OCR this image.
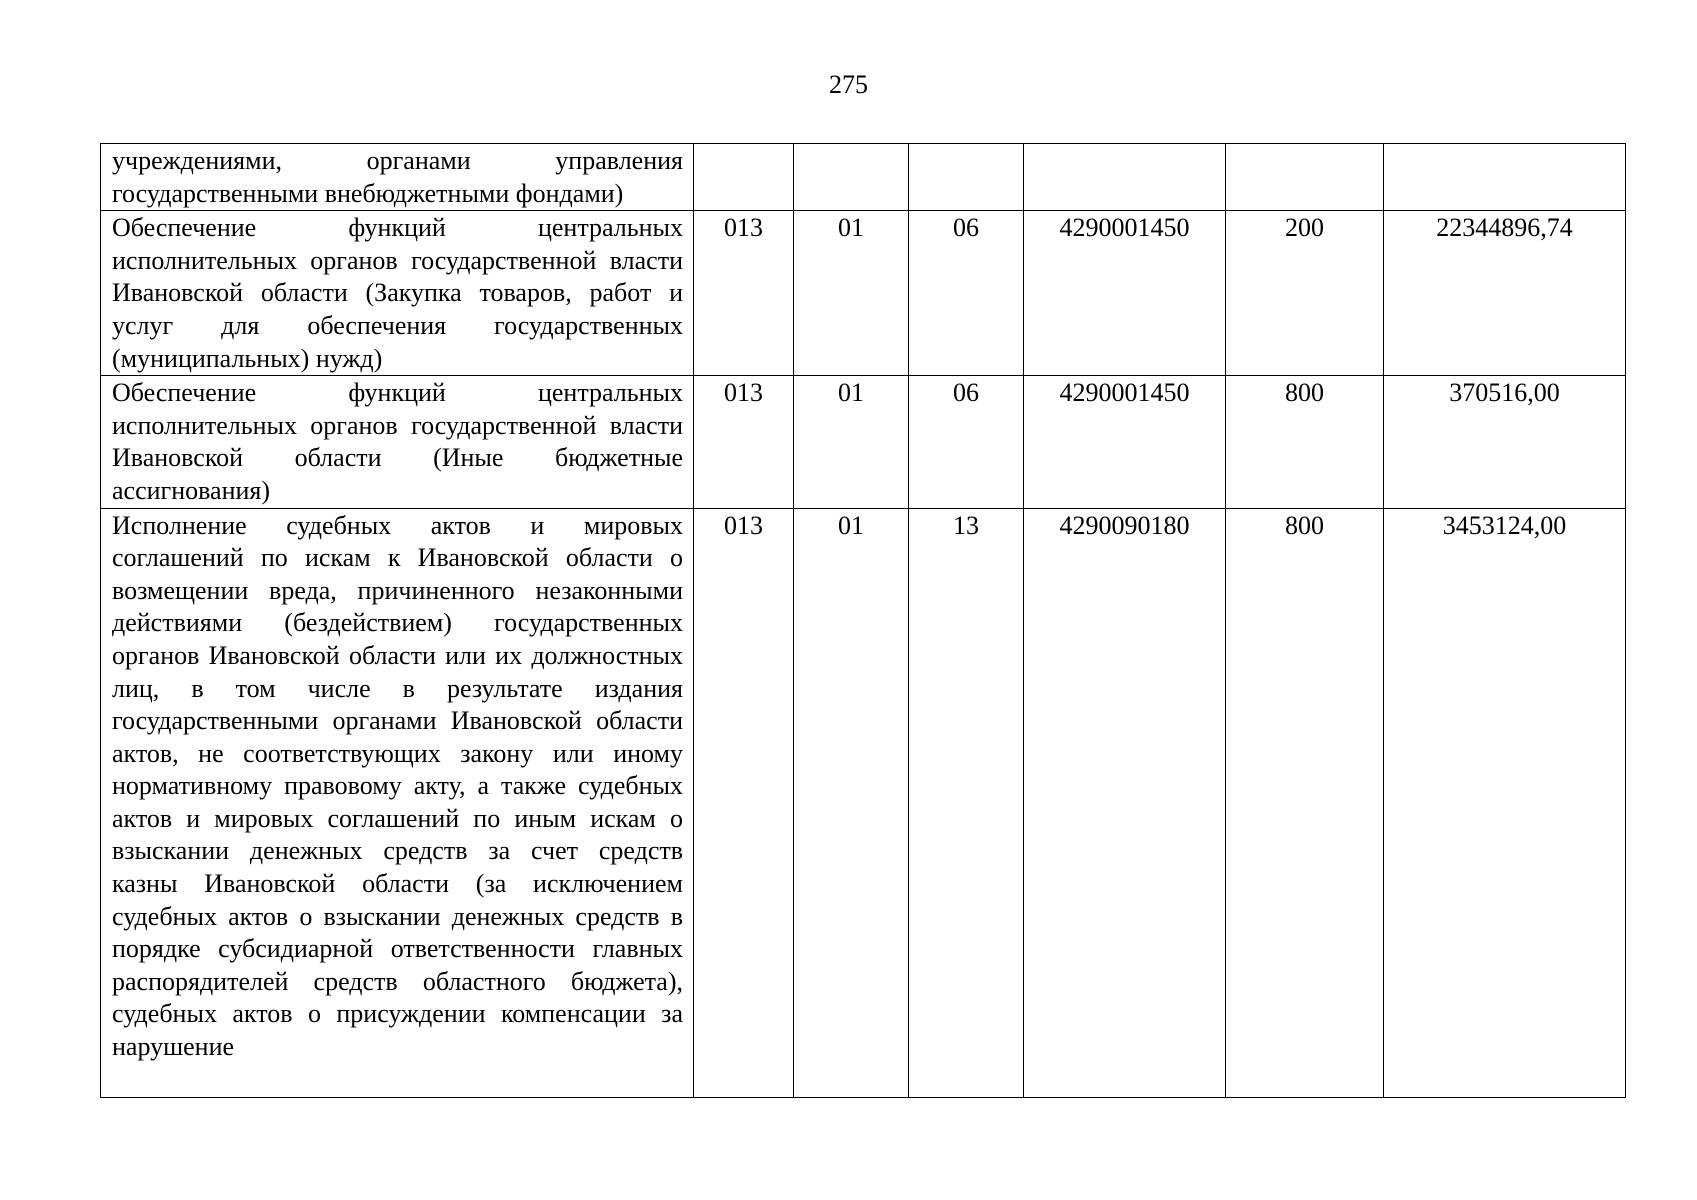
275
учреждениями, органами управления государственными внебюджетными фондами)						

Обеспечение функций центральных исполнительных органов государственной власти Ивановской области (Закупка товаров, работ и услуг для обеспечения государственных (муниципальных) нужд)	013	01	06	4290001450	200	22344896,74

Обеспечение функций центральных исполнительных органов государственной власти Ивановской области (Иные бюджетные ассигнования)	013	01	06	4290001450	800	370516,00

Исполнение судебных актов и мировых соглашений по искам к Ивановской области о возмещении вреда, причиненного незаконными действиями (бездействием) государственных органов Ивановской области или их должностных лиц, в том числе в результате издания государственными органами Ивановской области актов, не соответствующих закону или иному нормативному правовому акту, а также судебных актов и мировых соглашений по иным искам о взыскании денежных средств за счет средств казны Ивановской области (за исключением судебных актов о взыскании денежных средств в порядке субсидиарной ответственности главных распорядителей средств областного бюджета), судебных актов о присуждении компенсации за нарушение	013	01	13	4290090180	800	3453124,00
